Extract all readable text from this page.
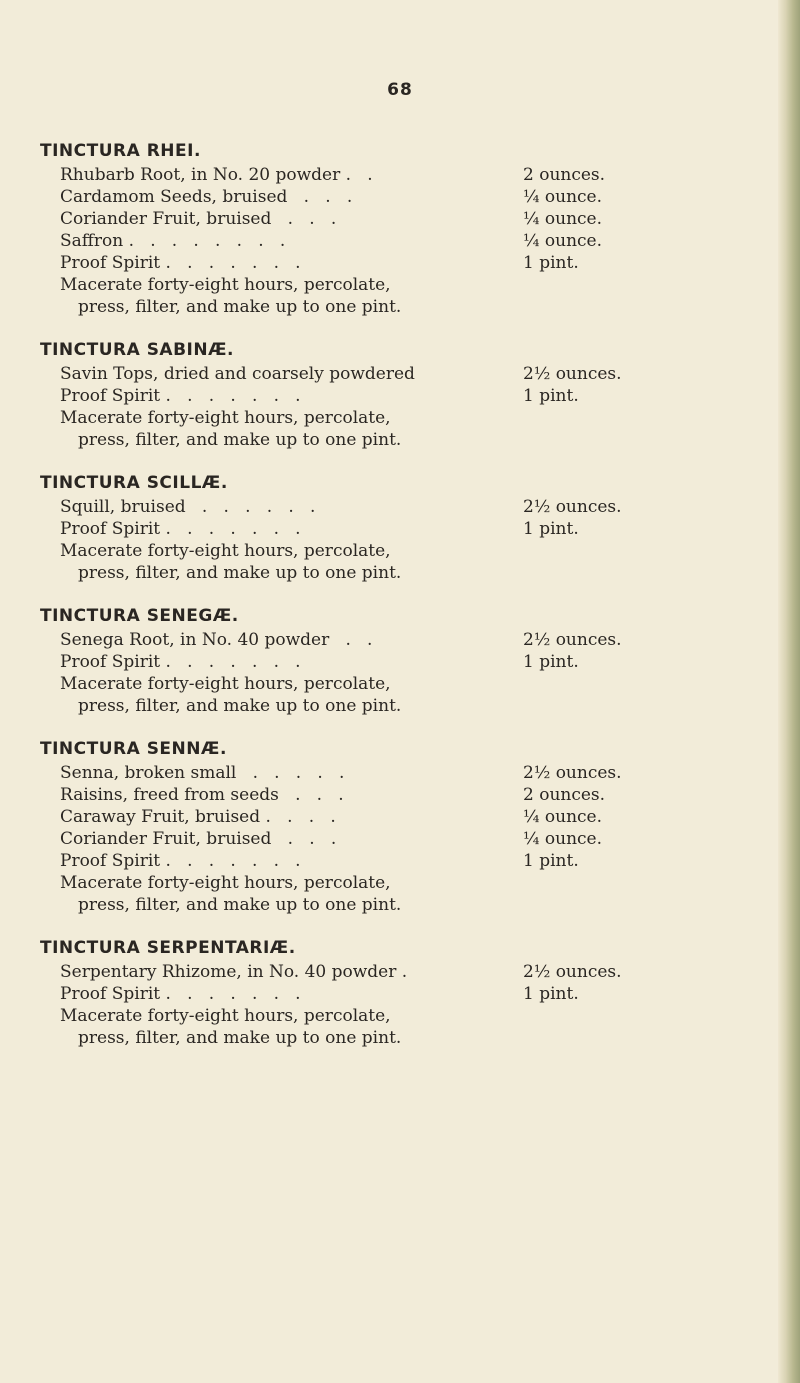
68
TINCTURA RHEI.
Rhubarb Root, in No. 20 powder .   .	2 ounces.
Cardamom Seeds, bruised   .   .   .	¼ ounce.
Coriander Fruit, bruised   .   .   .	¼ ounce.
Saffron .   .   .   .   .   .   .   .	¼ ounce.
Proof Spirit .   .   .   .   .   .   .	1 pint.
Macerate forty-eight hours, percolate,
press, filter, and make up to one pint.
TINCTURA SABINÆ.
Savin Tops, dried and coarsely powdered	2½ ounces.
Proof Spirit .   .   .   .   .   .   .	1 pint.
Macerate forty-eight hours, percolate,
press, filter, and make up to one pint.
TINCTURA SCILLÆ.
Squill, bruised   .   .   .   .   .   .	2½ ounces.
Proof Spirit .   .   .   .   .   .   .	1 pint.
Macerate forty-eight hours, percolate,
press, filter, and make up to one pint.
TINCTURA SENEGÆ.
Senega Root, in No. 40 powder   .   .	2½ ounces.
Proof Spirit .   .   .   .   .   .   .	1 pint.
Macerate forty-eight hours, percolate,
press, filter, and make up to one pint.
TINCTURA SENNÆ.
Senna, broken small   .   .   .   .   .	2½ ounces.
Raisins, freed from seeds   .   .   .	2 ounces.
Caraway Fruit, bruised .   .   .   .	¼ ounce.
Coriander Fruit, bruised   .   .   .	¼ ounce.
Proof Spirit .   .   .   .   .   .   .	1 pint.
Macerate forty-eight hours, percolate,
press, filter, and make up to one pint.
TINCTURA SERPENTARIÆ.
Serpentary Rhizome, in No. 40 powder .	2½ ounces.
Proof Spirit .   .   .   .   .   .   .	1 pint.
Macerate forty-eight hours, percolate,
press, filter, and make up to one pint.
